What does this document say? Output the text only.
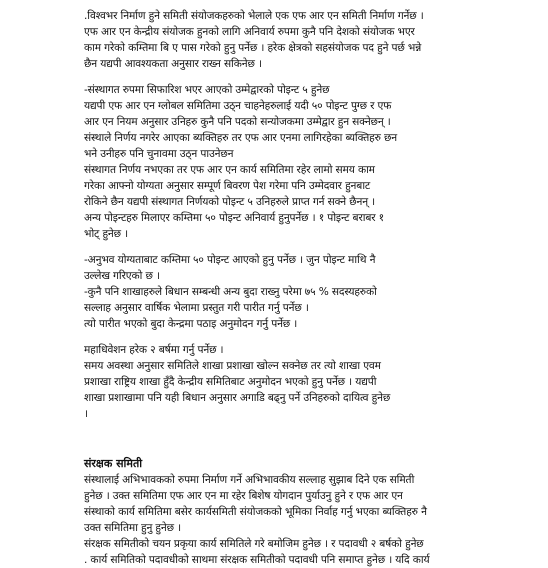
.विश्वभर निर्माण हुने समिती संयोजकहरुको भेलाले एक एफ आर एन समिती निर्माण गर्नेछ ।
एफ आर एन केन्द्रीय संयोजक हुनको लागि अनिवार्य रुपमा कुनै पनि देशको संयोजक भएर
काम गरेको कम्तिमा बि ए पास गरेको हुनु पर्नेछ । हरेक क्षेत्रको सहसंयोजक पद हुने पर्छ भन्ने
छैन यद्यपी आवश्यकता अनुसार राख्न सकिनेछ ।
-संस्थागत रुपमा सिफारिश भएर आएको उम्मेद्वारको पोइन्ट ५ हुनेछ
यद्यपी एफ आर एन ग्लोबल समितिमा उठ्न चाहनेहरुलाई यदी ५० पोइन्ट पुग्छ र एफ
आर एन नियम अनुसार उनिहरु कुनै पनि पदको सन्योजकमा उम्मेद्वार हुन सक्नेछन् ।
संस्थाले निर्णय नगरेर आएका ब्यक्तिहरु तर एफ आर एनमा लागिरहेका ब्यक्तिहरु छन
भने उनीहरु पनि चुनावमा उठ्न पाउनेछन
संस्थागत निर्णय नभएका तर एफ आर एन कार्य समितिमा रहेर लामो समय काम
गरेका आफ्नो योग्यता अनुसार सम्पूर्ण बिवरण पेश गरेमा पनि उम्मेदवार हुनबाट
रोकिने छैन यद्यपी संस्थागत निर्णयको पोइन्ट ५ उनिहरुले प्राप्त गर्न सक्ने छैनन् ।
अन्य पोइन्टहरु मिलाएर कम्तिमा ५० पोइन्ट अनिवार्य हुनुपर्नेछ । १ पोइन्ट बराबर १
भोट् हुनेछ ।
-अनुभव योग्यताबाट कम्तिमा ५० पोइन्ट आएको हुनु पर्नेछ । जुन पोइन्ट माथि नै
उल्लेख गरिएको छ ।
-कुनै पनि शाखाहरुले बिधान सम्बन्धी अन्य बुदा राख्नु परेमा ७५ % सदस्यहरुको
सल्लाह अनुसार वार्षिक भेलामा प्रस्तुत गरी पारीत गर्नु पर्नेछ ।
त्यो पारीत भएको बुदा केन्द्रमा पठाइ अनुमोदन गर्नु पर्नेछ ।
महाधिवेशन हरेक २ बर्षमा गर्नु पर्नेछ ।
समय अवस्था अनुसार समितिले शाखा प्रशाखा खोल्न सक्नेछ तर त्यो शाखा एवम
प्रशाखा राष्ट्रिय शाखा हुँदै केन्द्रीय समितिबाट अनुमोदन भएको हुनु पर्नेछ । यद्यपी
शाखा प्रशाखामा पनि यही बिधान अनुसार अगाडि बढ्नु पर्ने उनिहरुको दायित्व हुनेछ
।

संरक्षक समिती

संस्थालाई अभिभावकको रुपमा निर्माण गर्ने अभिभावकीय सल्लाह सुझाब दिने एक समिती
हुनेछ । उक्त समितिमा एफ आर एन मा रहेर बिशेष योगदान पुर्याउनु हुने र एफ आर एन
संस्थाको कार्य समितिमा बसेर कार्यसमिती संयोजकको भूमिका निर्वाह गर्नु भएका ब्यक्तिहरु नै
उक्त समितिमा हुनु हुनेछ ।
संरक्षक समितीको चयन प्रकृया कार्य समितिले गरे बमोजिम हुनेछ । र पदावधी २ बर्षको हुनेछ
. कार्य समितिको पदावधीको साथमा संरक्षक समितीको पदावधी पनि समाप्त हुनेछ । यदि कार्य
